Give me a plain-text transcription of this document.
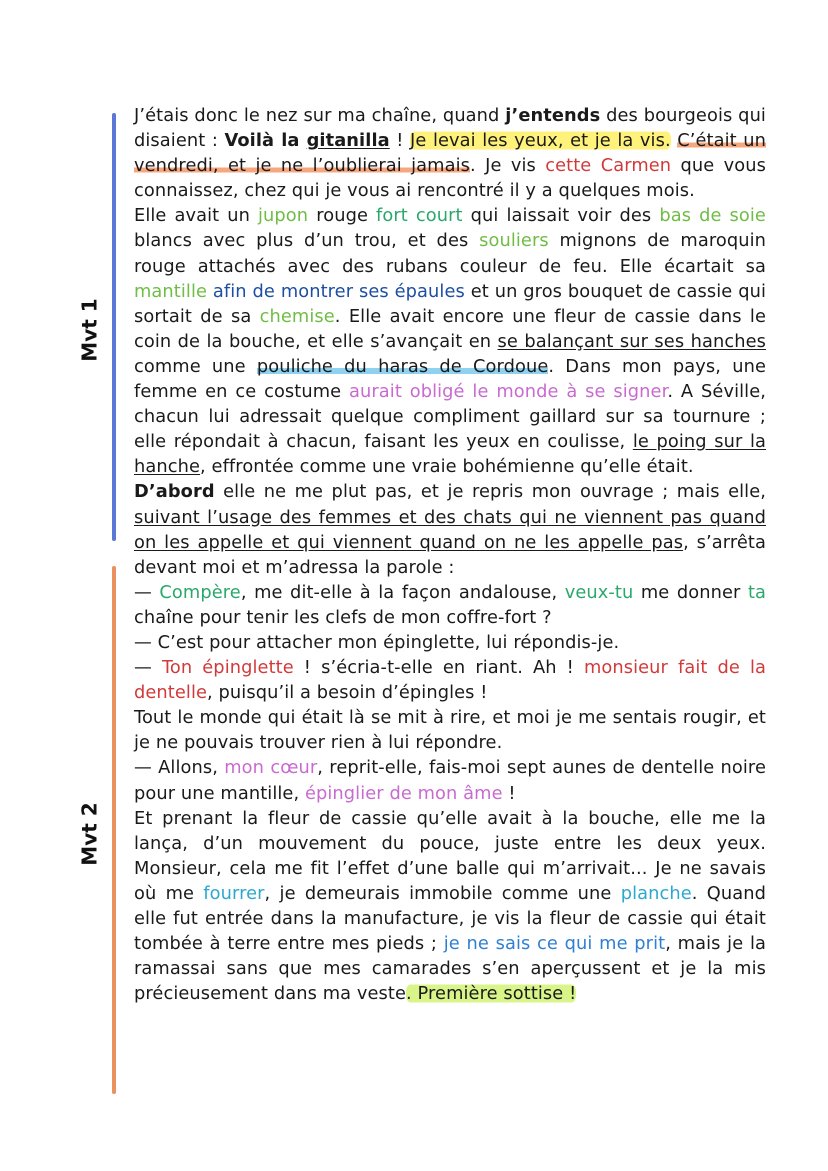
Mvt 1
Mvt 2

J’étais donc le nez sur ma chaîne, quand j’entends des bourgeois qui disaient : Voilà la gitanilla ! Je levai les yeux, et je la vis. C’était un vendredi, et je ne l’oublierai jamais. Je vis cette Carmen que vous connaissez, chez qui je vous ai rencontré il y a quelques mois.

Elle avait un jupon rouge fort court qui laissait voir des bas de soie blancs avec plus d’un trou, et des souliers mignons de maroquin rouge attachés avec des rubans couleur de feu. Elle écartait sa mantille afin de montrer ses épaules et un gros bouquet de cassie qui sortait de sa chemise. Elle avait encore une fleur de cassie dans le coin de la bouche, et elle s’avançait en se balançant sur ses hanches comme une pouliche du haras de Cordoue. Dans mon pays, une femme en ce costume aurait obligé le monde à se signer. A Séville, chacun lui adressait quelque compliment gaillard sur sa tournure ; elle répondait à chacun, faisant les yeux en coulisse, le poing sur la hanche, effrontée comme une vraie bohémienne qu’elle était.

D’abord elle ne me plut pas, et je repris mon ouvrage ; mais elle, suivant l’usage des femmes et des chats qui ne viennent pas quand on les appelle et qui viennent quand on ne les appelle pas, s’arrêta devant moi et m’adressa la parole :

— Compère, me dit-elle à la façon andalouse, veux-tu me donner ta chaîne pour tenir les clefs de mon coffre-fort ?

— C’est pour attacher mon épinglette, lui répondis-je.

— Ton épinglette ! s’écria-t-elle en riant. Ah ! monsieur fait de la dentelle, puisqu’il a besoin d’épingles !

Tout le monde qui était là se mit à rire, et moi je me sentais rougir, et je ne pouvais trouver rien à lui répondre.

— Allons, mon cœur, reprit-elle, fais-moi sept aunes de dentelle noire pour une mantille, épinglier de mon âme !

Et prenant la fleur de cassie qu’elle avait à la bouche, elle me la lança, d’un mouvement du pouce, juste entre les deux yeux. Monsieur, cela me fit l’effet d’une balle qui m’arrivait... Je ne savais où me fourrer, je demeurais immobile comme une planche. Quand elle fut entrée dans la manufacture, je vis la fleur de cassie qui était tombée à terre entre mes pieds ; je ne sais ce qui me prit, mais je la ramassai sans que mes camarades s’en aperçussent et je la mis précieusement dans ma veste. Première sottise !
